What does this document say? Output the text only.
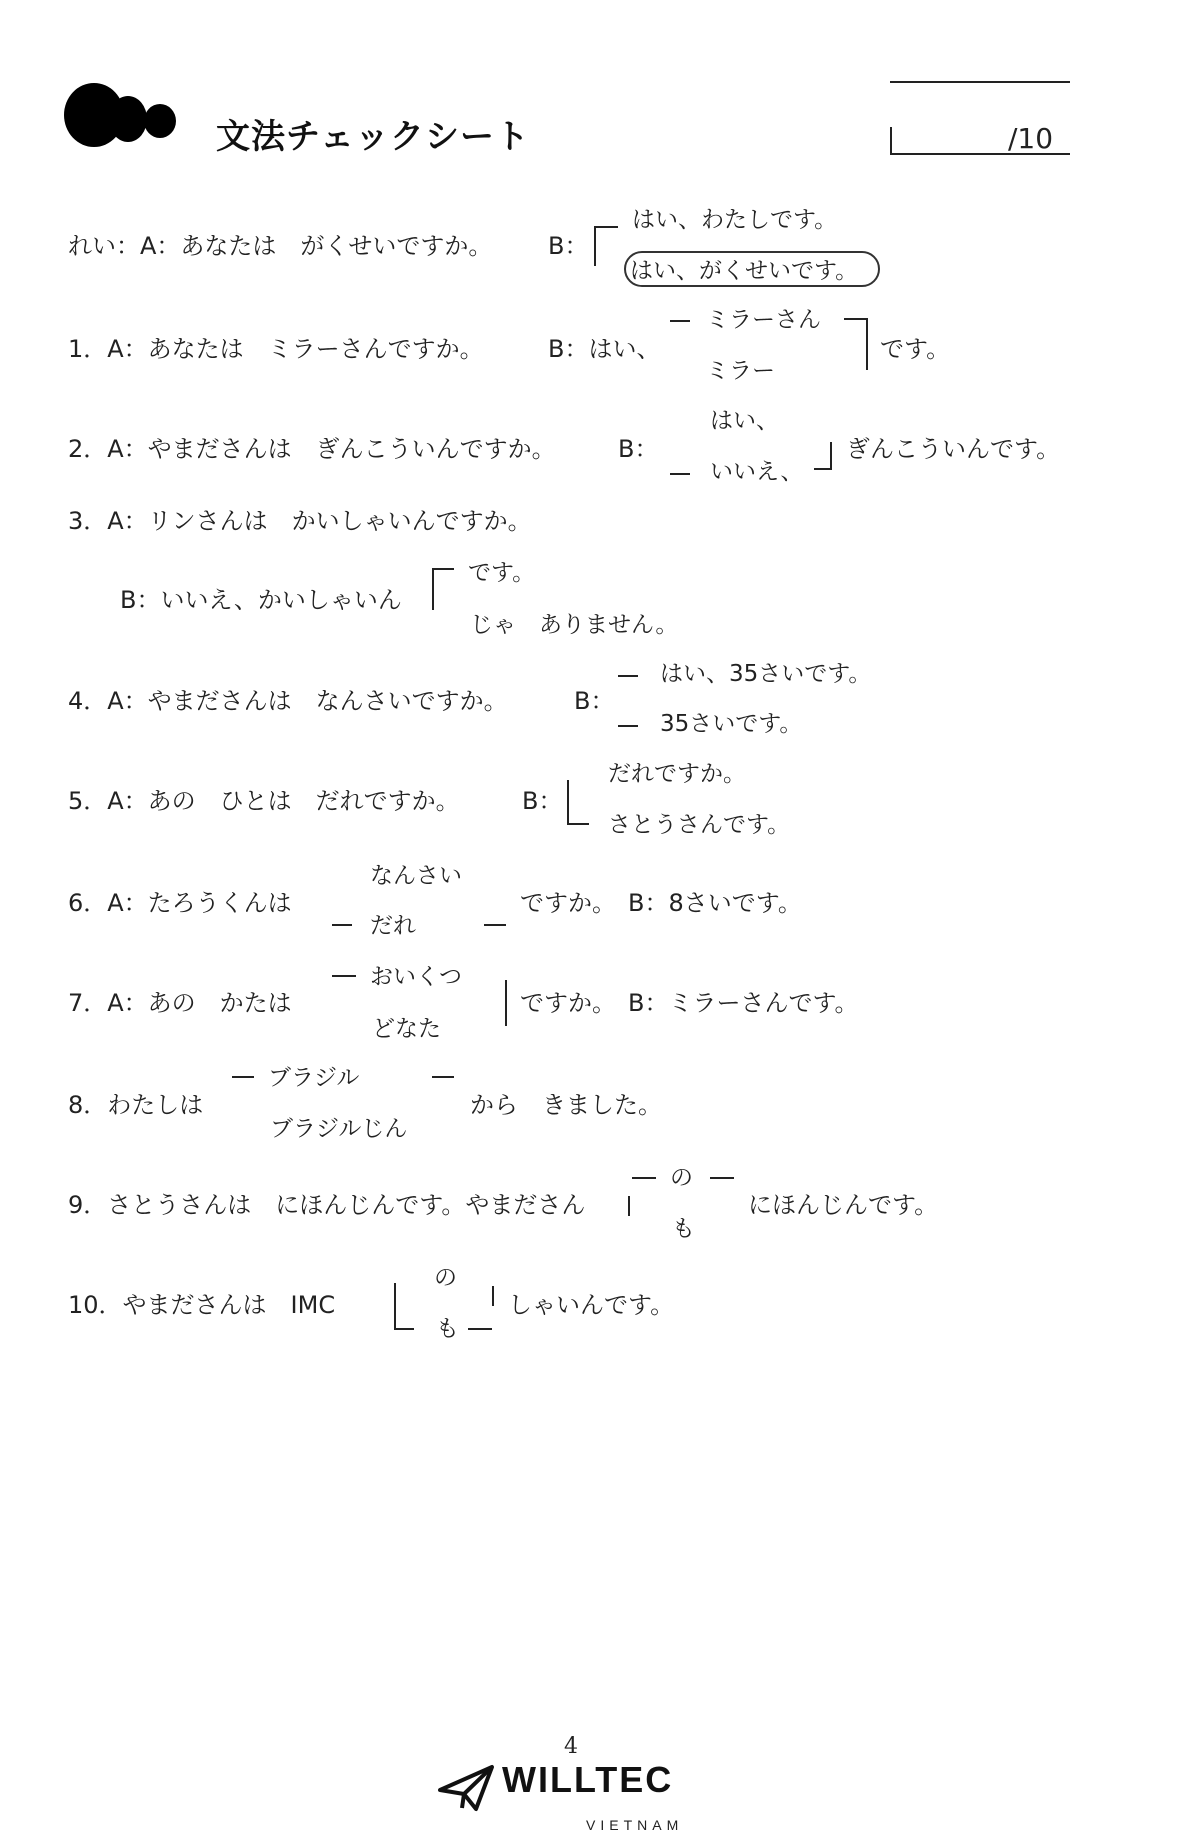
文法チェックシート	/10
れい：A：あなたは　がくせいですか。 B：
はい、わたしです。
はい、がくせいです。
1．A：あなたは　ミラーさんですか。	B：はい、
ミラーさん
ミラー
です。
2．A：やまださんは　ぎんこういんですか。	B：
はい、
いいえ、
ぎんこういんです。
3．A：リンさんは　かいしゃいんですか。
B：いいえ、かいしゃいん
です。
じゃ　ありません。
4．A：やまださんは　なんさいですか。	B：
はい、35さいです。
35さいです。
5．A：あの　ひとは　だれですか。	B：
だれですか。
さとうさんです。
6．A：たろうくんは
なんさい
だれ
ですか。　B：8さいです。
7．A：あの　かたは
おいくつ
どなた
ですか。　B：ミラーさんです。
8．わたしは
ブラジル
ブラジルじん
から　きました。
9．さとうさんは　にほんじんです。やまださん
の
も
にほんじんです。
10．やまださんは　IMC
の
も
しゃいんです。
4
WILLTEC
VIETNAM
